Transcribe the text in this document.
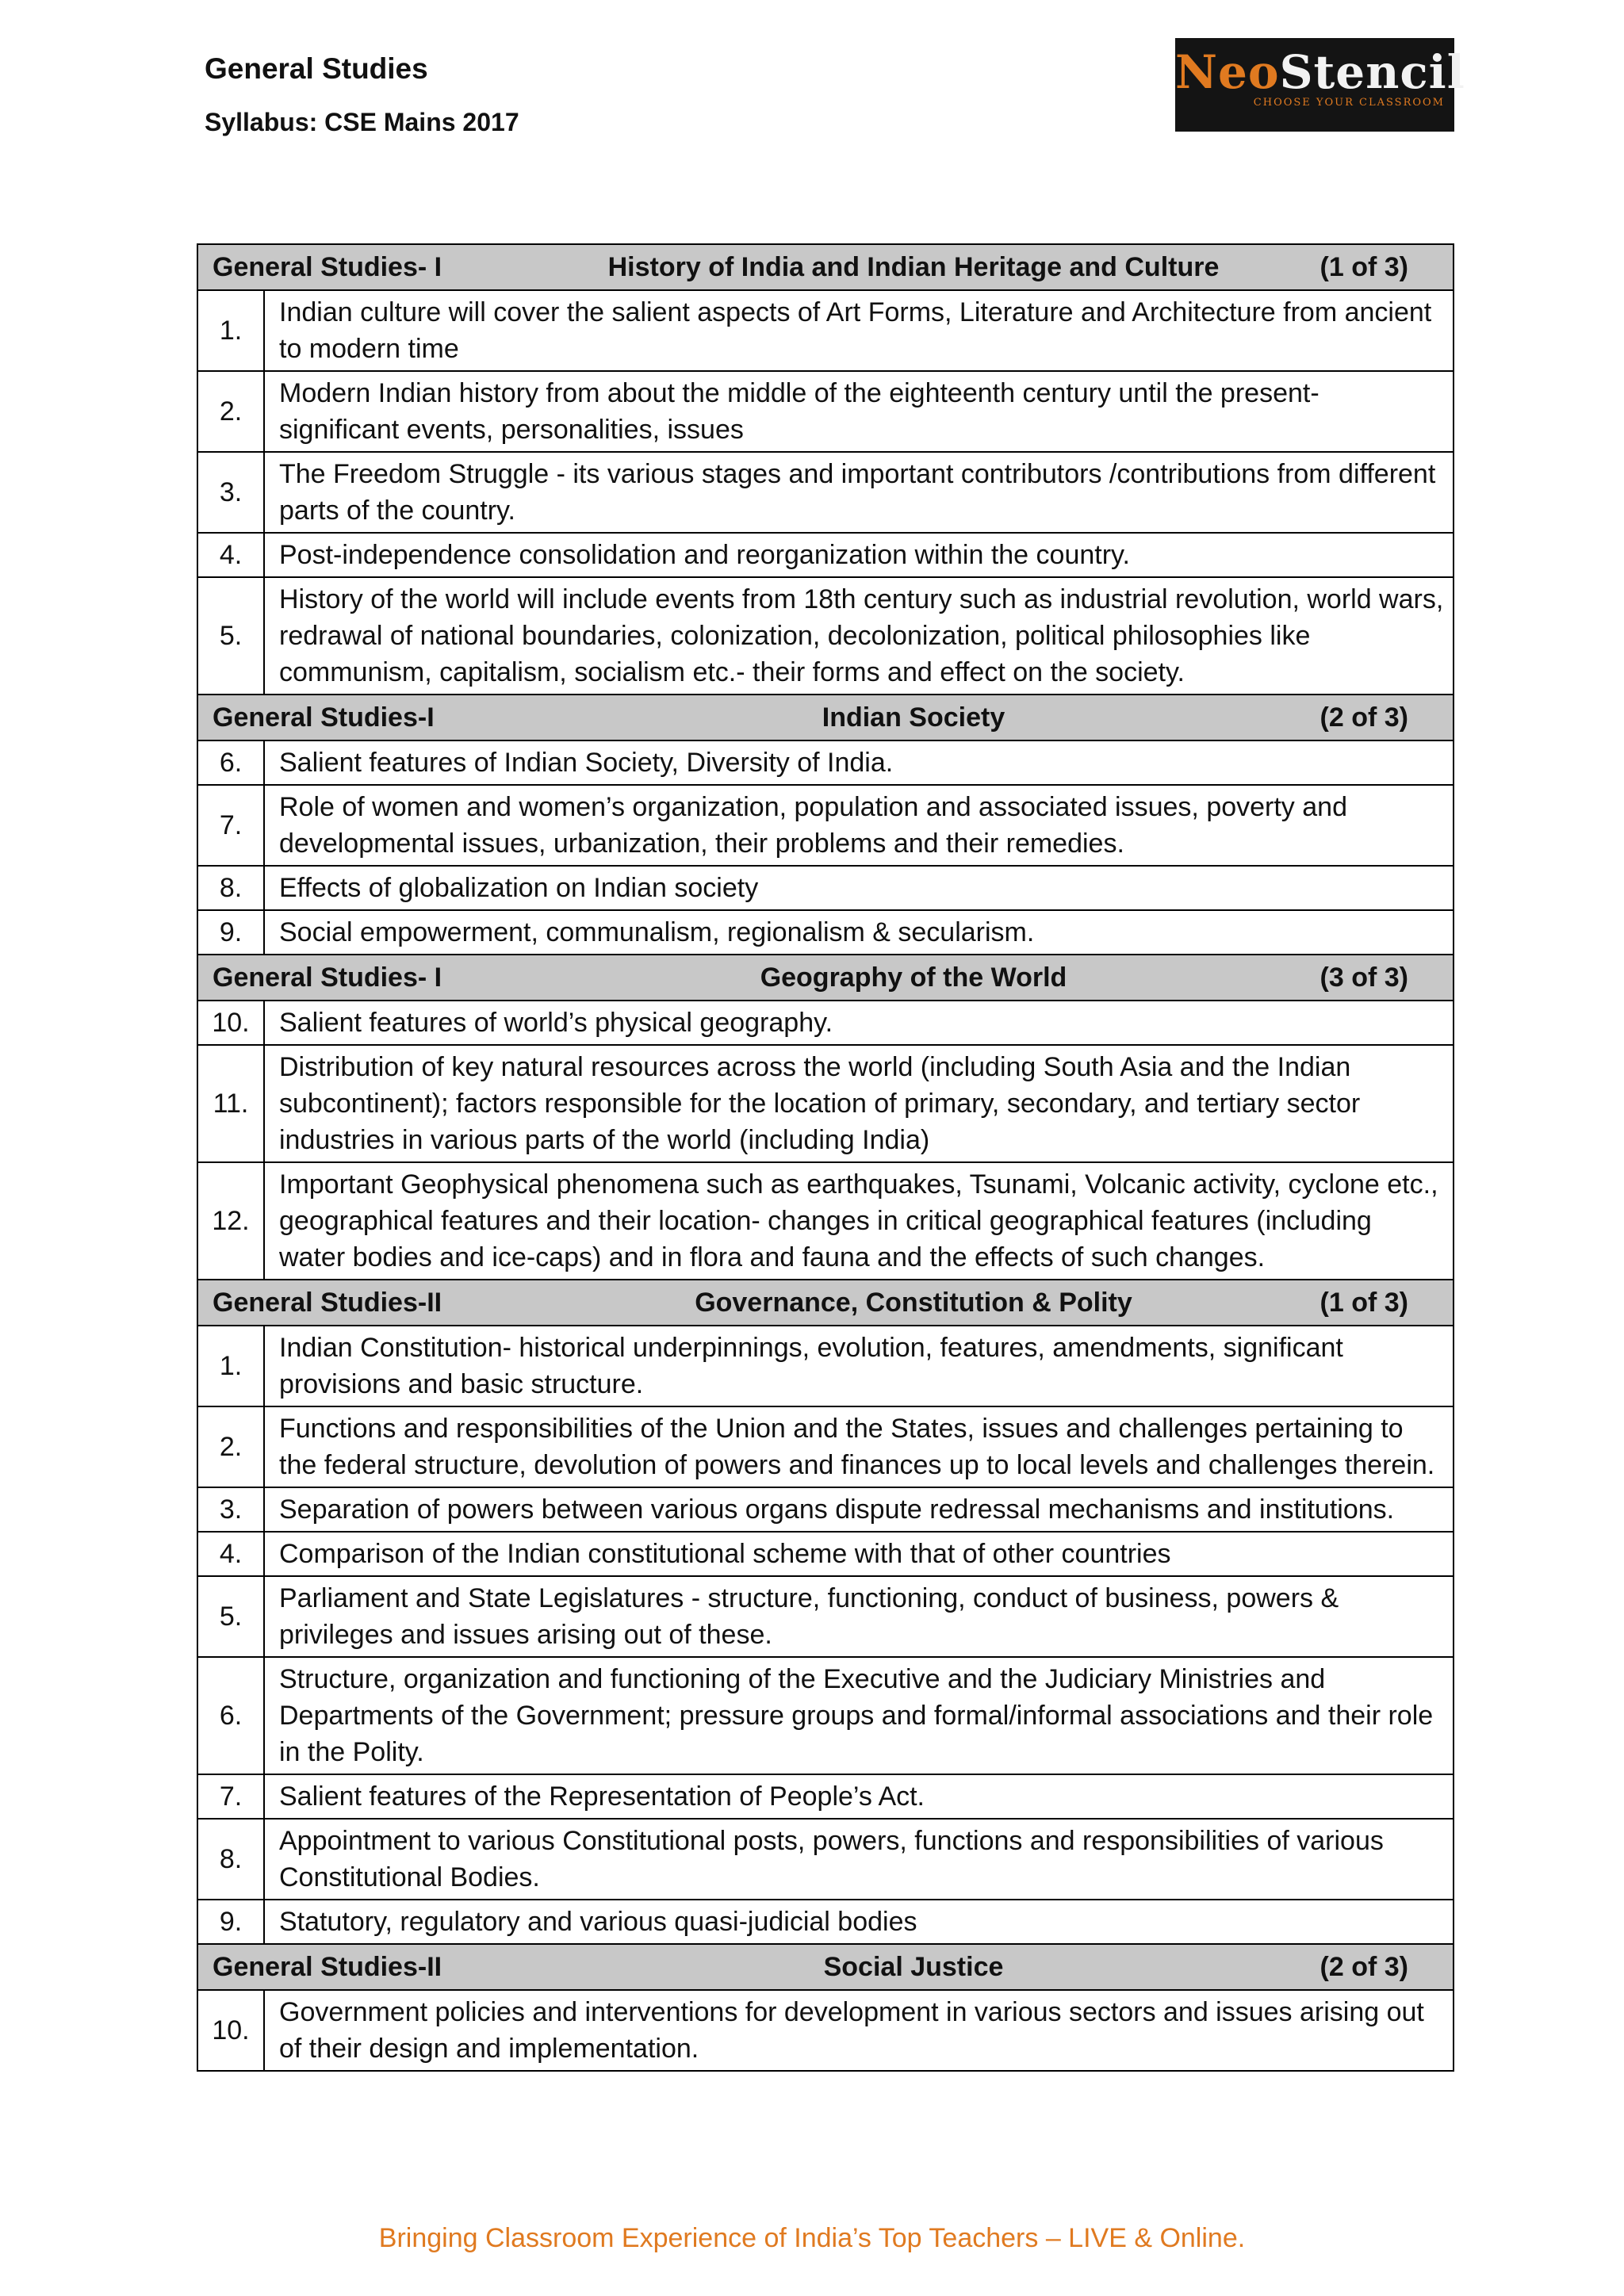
General Studies
Syllabus: CSE Mains 2017
NeoStencil
CHOOSE YOUR CLASSROOM
General Studies- I History of India and Indian Heritage and Culture (1 of 3)	

1.	Indian culture will cover the salient aspects of Art Forms, Literature and Architecture from ancient to modern time
2.	Modern Indian history from about the middle of the eighteenth century until the present- significant events, personalities, issues
3.	The Freedom Struggle - its various stages and important contributors /contributions from different parts of the country.
4.	Post-independence consolidation and reorganization within the country.
5.	History of the world will include events from 18th century such as industrial revolution, world wars, redrawal of national boundaries, colonization, decolonization, political philosophies like communism, capitalism, socialism etc.- their forms and effect on the society.

General Studies-I Indian Society (2 of 3)	

6.	Salient features of Indian Society, Diversity of India.
7.	Role of women and women’s organization, population and associated issues, poverty and developmental issues, urbanization, their problems and their remedies.
8.	Effects of globalization on Indian society
9.	Social empowerment, communalism, regionalism & secularism.

General Studies- I Geography of the World (3 of 3)	

10.	Salient features of world’s physical geography.
11.	Distribution of key natural resources across the world (including South Asia and the Indian subcontinent); factors responsible for the location of primary, secondary, and tertiary sector industries in various parts of the world (including India)
12.	Important Geophysical phenomena such as earthquakes, Tsunami, Volcanic activity, cyclone etc., geographical features and their location- changes in critical geographical features (including water bodies and ice-caps) and in flora and fauna and the effects of such changes.

General Studies-II Governance, Constitution & Polity (1 of 3)	

1.	Indian Constitution- historical underpinnings, evolution, features, amendments, significant provisions and basic structure.
2.	Functions and responsibilities of the Union and the States, issues and challenges pertaining to the federal structure, devolution of powers and finances up to local levels and challenges therein.
3.	Separation of powers between various organs dispute redressal mechanisms and institutions.
4.	Comparison of the Indian constitutional scheme with that of other countries
5.	Parliament and State Legislatures - structure, functioning, conduct of business, powers & privileges and issues arising out of these.
6.	Structure, organization and functioning of the Executive and the Judiciary Ministries and Departments of the Government; pressure groups and formal/informal associations and their role in the Polity.
7.	Salient features of the Representation of People’s Act.
8.	Appointment to various Constitutional posts, powers, functions and responsibilities of various Constitutional Bodies.
9.	Statutory, regulatory and various quasi-judicial bodies

General Studies-II Social Justice (2 of 3)	

10.	Government policies and interventions for development in various sectors and issues arising out of their design and implementation.
Bringing Classroom Experience of India’s Top Teachers – LIVE & Online.
